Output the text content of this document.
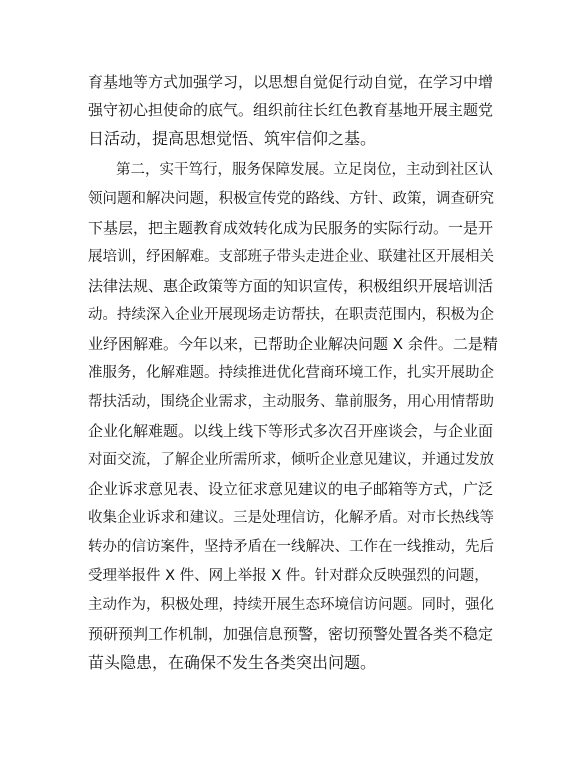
育基地等方式加强学习，以思想自觉促行动自觉，在学习中增
强守初心担使命的底气。组织前往长红色教育基地开展主题党
日活动，提高思想觉悟、筑牢信仰之基。
第二，实干笃行，服务保障发展。立足岗位，主动到社区认
领问题和解决问题，积极宣传党的路线、方针、政策，调查研究
下基层，把主题教育成效转化成为民服务的实际行动。一是开
展培训，纾困解难。支部班子带头走进企业、联建社区开展相关
法律法规、惠企政策等方面的知识宣传，积极组织开展培训活
动。持续深入企业开展现场走访帮扶，在职责范围内，积极为企
业纾困解难。今年以来，已帮助企业解决问题 X 余件。二是精
准服务，化解难题。持续推进优化营商环境工作，扎实开展助企
帮扶活动，围绕企业需求，主动服务、靠前服务，用心用情帮助
企业化解难题。以线上线下等形式多次召开座谈会，与企业面
对面交流，了解企业所需所求，倾听企业意见建议，并通过发放
企业诉求意见表、设立征求意见建议的电子邮箱等方式，广泛
收集企业诉求和建议。三是处理信访，化解矛盾。对市长热线等
转办的信访案件，坚持矛盾在一线解决、工作在一线推动，先后
受理举报件 X 件、网上举报 X 件。针对群众反映强烈的问题，
主动作为，积极处理，持续开展生态环境信访问题。同时，强化
预研预判工作机制，加强信息预警，密切预警处置各类不稳定
苗头隐患，在确保不发生各类突出问题。
